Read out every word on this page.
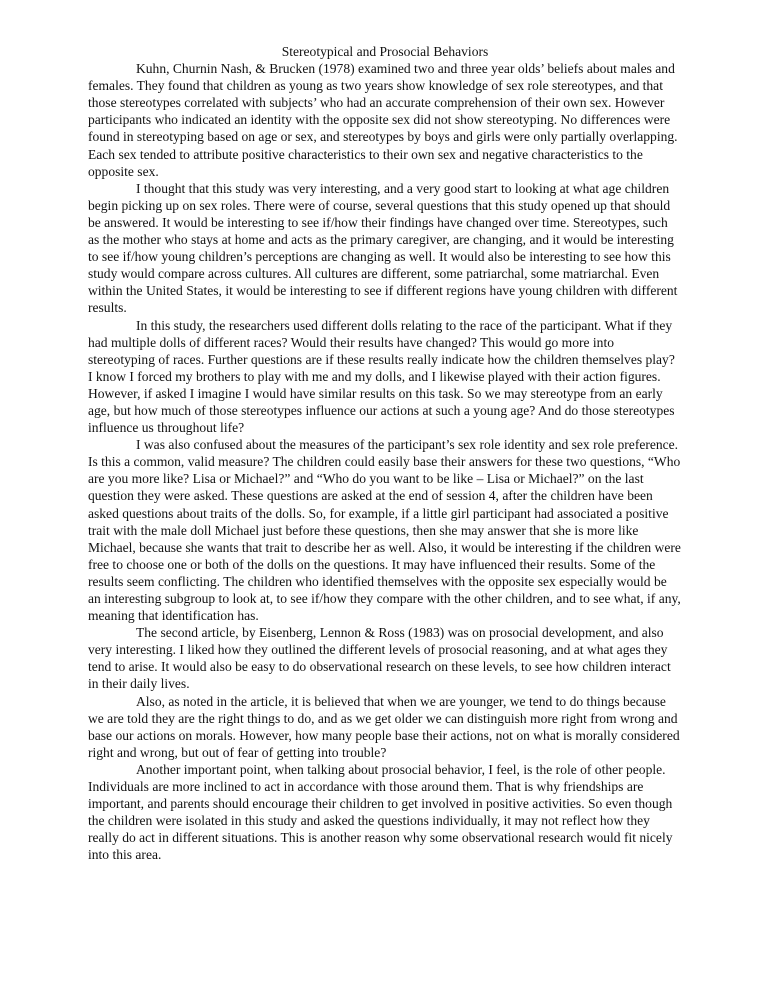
Stereotypical and Prosocial Behaviors

Kuhn, Churnin Nash, & Brucken (1978) examined two and three year olds’ beliefs about males and females. They found that children as young as two years show knowledge of sex role stereotypes, and that those stereotypes correlated with subjects’ who had an accurate comprehension of their own sex. However participants who indicated an identity with the opposite sex did not show stereotyping. No differences were found in stereotyping based on age or sex, and stereotypes by boys and girls were only partially overlapping. Each sex tended to attribute positive characteristics to their own sex and negative characteristics to the opposite sex.

I thought that this study was very interesting, and a very good start to looking at what age children begin picking up on sex roles. There were of course, several questions that this study opened up that should be answered. It would be interesting to see if/how their findings have changed over time. Stereotypes, such as the mother who stays at home and acts as the primary caregiver, are changing, and it would be interesting to see if/how young children’s perceptions are changing as well. It would also be interesting to see how this study would compare across cultures. All cultures are different, some patriarchal, some matriarchal. Even within the United States, it would be interesting to see if different regions have young children with different results.

In this study, the researchers used different dolls relating to the race of the participant. What if they had multiple dolls of different races? Would their results have changed? This would go more into stereotyping of races. Further questions are if these results really indicate how the children themselves play? I know I forced my brothers to play with me and my dolls, and I likewise played with their action figures. However, if asked I imagine I would have similar results on this task. So we may stereotype from an early age, but how much of those stereotypes influence our actions at such a young age? And do those stereotypes influence us throughout life?

I was also confused about the measures of the participant’s sex role identity and sex role preference. Is this a common, valid measure? The children could easily base their answers for these two questions, “Who are you more like? Lisa or Michael?” and “Who do you want to be like – Lisa or Michael?” on the last question they were asked. These questions are asked at the end of session 4, after the children have been asked questions about traits of the dolls. So, for example, if a little girl participant had associated a positive trait with the male doll Michael just before these questions, then she may answer that she is more like Michael, because she wants that trait to describe her as well. Also, it would be interesting if the children were free to choose one or both of the dolls on the questions. It may have influenced their results. Some of the results seem conflicting. The children who identified themselves with the opposite sex especially would be an interesting subgroup to look at, to see if/how they compare with the other children, and to see what, if any, meaning that identification has.

The second article, by Eisenberg, Lennon & Ross (1983) was on prosocial development, and also very interesting. I liked how they outlined the different levels of prosocial reasoning, and at what ages they tend to arise. It would also be easy to do observational research on these levels, to see how children interact in their daily lives.

Also, as noted in the article, it is believed that when we are younger, we tend to do things because we are told they are the right things to do, and as we get older we can distinguish more right from wrong and base our actions on morals. However, how many people base their actions, not on what is morally considered right and wrong, but out of fear of getting into trouble?

Another important point, when talking about prosocial behavior, I feel, is the role of other people. Individuals are more inclined to act in accordance with those around them. That is why friendships are important, and parents should encourage their children to get involved in positive activities. So even though the children were isolated in this study and asked the questions individually, it may not reflect how they really do act in different situations. This is another reason why some observational research would fit nicely into this area.
